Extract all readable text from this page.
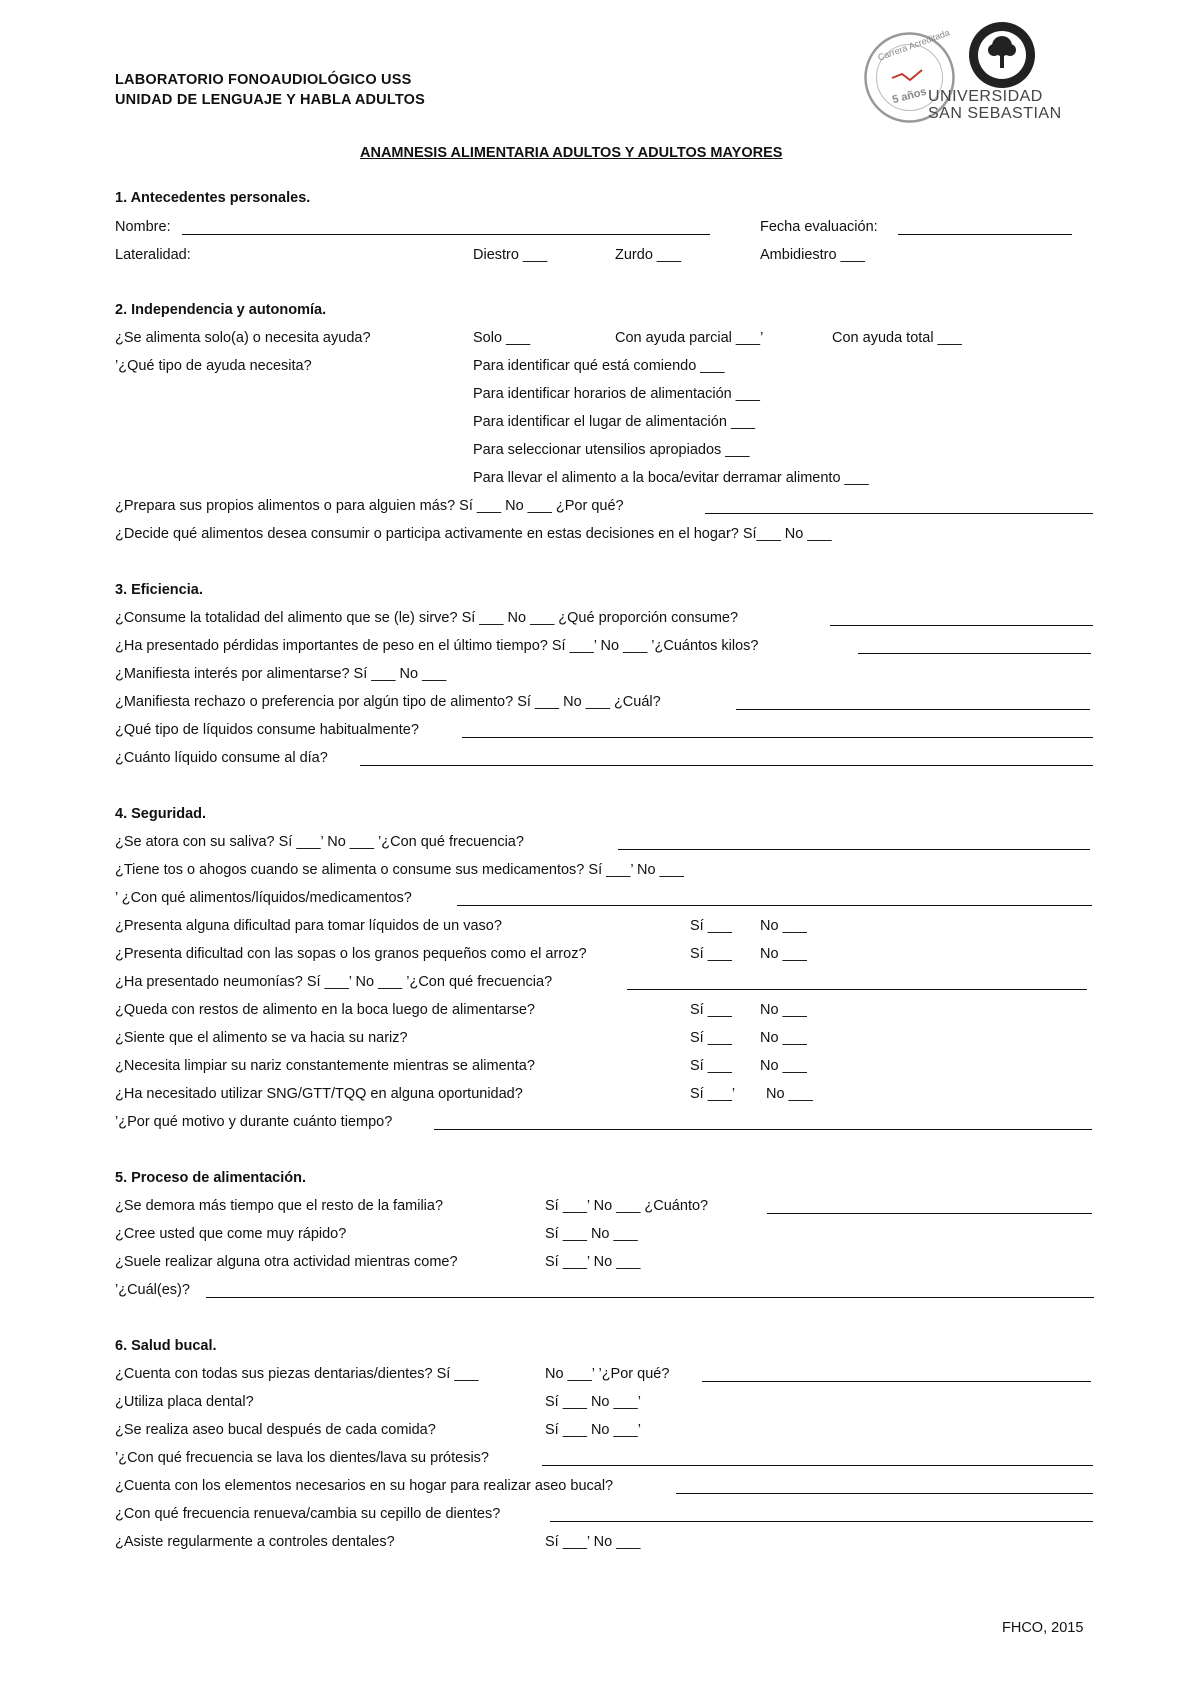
LABORATORIO FONOAUDIOLÓGICO USS
UNIDAD DE LENGUAJE Y HABLA ADULTOS
Carrera Acreditada
5 años UNIVERSIDAD
SAN SEBASTIAN
ANAMNESIS ALIMENTARIA ADULTOS Y ADULTOS MAYORES
1. Antecedentes personales.
Nombre:	Fecha evaluación:
Lateralidad:	Diestro ___	Zurdo ___	Ambidiestro ___
2. Independencia y autonomía.
¿Se alimenta solo(a) o necesita ayuda?	Solo ___	Con ayuda parcial ___’	Con ayuda total ___
’¿Qué tipo de ayuda necesita?	Para identificar qué está comiendo ___
Para identificar horarios de alimentación ___
Para identificar el lugar de alimentación ___
Para seleccionar utensilios apropiados ___
Para llevar el alimento a la boca/evitar derramar alimento ___
¿Prepara sus propios alimentos o para alguien más? Sí ___ No ___ ¿Por qué?
¿Decide qué alimentos desea consumir o participa activamente en estas decisiones en el hogar? Sí___ No ___
3. Eficiencia.
¿Consume la totalidad del alimento que se (le) sirve? Sí ___ No ___ ¿Qué proporción consume?
¿Ha presentado pérdidas importantes de peso en el último tiempo? Sí ___’ No ___ ’¿Cuántos kilos?
¿Manifiesta interés por alimentarse? Sí ___ No ___
¿Manifiesta rechazo o preferencia por algún tipo de alimento? Sí ___ No ___ ¿Cuál?
¿Qué tipo de líquidos consume habitualmente?
¿Cuánto líquido consume al día?
4. Seguridad.
¿Se atora con su saliva? Sí ___’ No ___ ’¿Con qué frecuencia?
¿Tiene tos o ahogos cuando se alimenta o consume sus medicamentos? Sí ___’ No ___
’ ¿Con qué alimentos/líquidos/medicamentos?
¿Presenta alguna dificultad para tomar líquidos de un vaso?	Sí ___ No ___
¿Presenta dificultad con las sopas o los granos pequeños como el arroz?	Sí ___ No ___
¿Ha presentado neumonías? Sí ___’ No ___ ’¿Con qué frecuencia?
¿Queda con restos de alimento en la boca luego de alimentarse?	Sí ___ No ___
¿Siente que el alimento se va hacia su nariz?	Sí ___ No ___
¿Necesita limpiar su nariz constantemente mientras se alimenta?	Sí ___ No ___
¿Ha necesitado utilizar SNG/GTT/TQQ en alguna oportunidad?	Sí ___’ No ___
’¿Por qué motivo y durante cuánto tiempo?
5. Proceso de alimentación.
¿Se demora más tiempo que el resto de la familia?	Sí ___’ No ___ ¿Cuánto?
¿Cree usted que come muy rápido?	Sí ___ No ___
¿Suele realizar alguna otra actividad mientras come?	Sí ___’ No ___
’¿Cuál(es)?
6. Salud bucal.
¿Cuenta con todas sus piezas dentarias/dientes? Sí ___	No ___’ ’¿Por qué?
¿Utiliza placa dental?	Sí ___ No ___’
¿Se realiza aseo bucal después de cada comida?	Sí ___ No ___’
’¿Con qué frecuencia se lava los dientes/lava su prótesis?
¿Cuenta con los elementos necesarios en su hogar para realizar aseo bucal?
¿Con qué frecuencia renueva/cambia su cepillo de dientes?
¿Asiste regularmente a controles dentales?	Sí ___’ No ___
FHCO, 2015
